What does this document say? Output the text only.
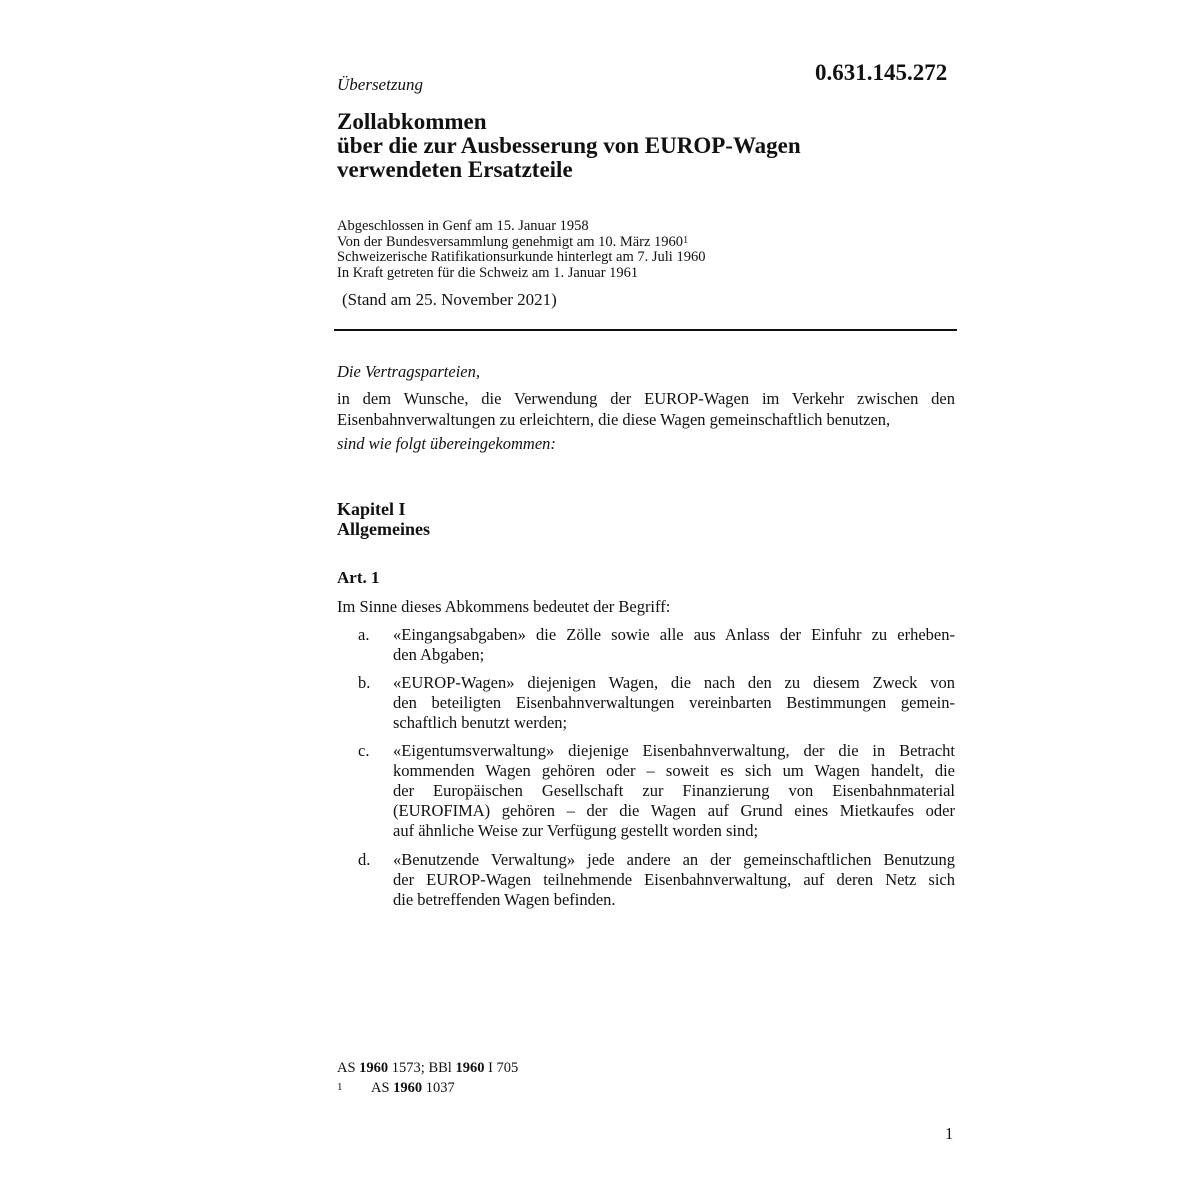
Übersetzung	0.631.145.272
Zollabkommen
über die zur Ausbesserung von EUROP-Wagen
verwendeten Ersatzteile
Abgeschlossen in Genf am 15. Januar 1958
Von der Bundesversammlung genehmigt am 10. März 1960$^1$
Schweizerische Ratifikationsurkunde hinterlegt am 7. Juli 1960
In Kraft getreten für die Schweiz am 1. Januar 1961
(Stand am 25. November 2021)
Die Vertragsparteien,
in dem Wunsche, die Verwendung der EUROP-Wagen im Verkehr zwischen den
Eisenbahnverwaltungen zu erleichtern, die diese Wagen gemeinschaftlich benutzen,
sind wie folgt übereingekommen:
Kapitel I
Allgemeines
Art. 1
Im Sinne dieses Abkommens bedeutet der Begriff:
a. «Eingangsabgaben» die Zölle sowie alle aus Anlass der Einfuhr zu erheben-
den Abgaben;
b. «EUROP-Wagen» diejenigen Wagen, die nach den zu diesem Zweck von
den beteiligten Eisenbahnverwaltungen vereinbarten Bestimmungen gemein-
schaftlich benutzt werden;
c. «Eigentumsverwaltung» diejenige Eisenbahnverwaltung, der die in Betracht
kommenden Wagen gehören oder – soweit es sich um Wagen handelt, die
der Europäischen Gesellschaft zur Finanzierung von Eisenbahnmaterial
(EUROFIMA) gehören – der die Wagen auf Grund eines Mietkaufes oder
auf ähnliche Weise zur Verfügung gestellt worden sind;
d. «Benutzende Verwaltung» jede andere an der gemeinschaftlichen Benutzung
der EUROP-Wagen teilnehmende Eisenbahnverwaltung, auf deren Netz sich
die betreffenden Wagen befinden.
AS 1960 1573; BBl 1960 I 705
1 AS 1960 1037
1
